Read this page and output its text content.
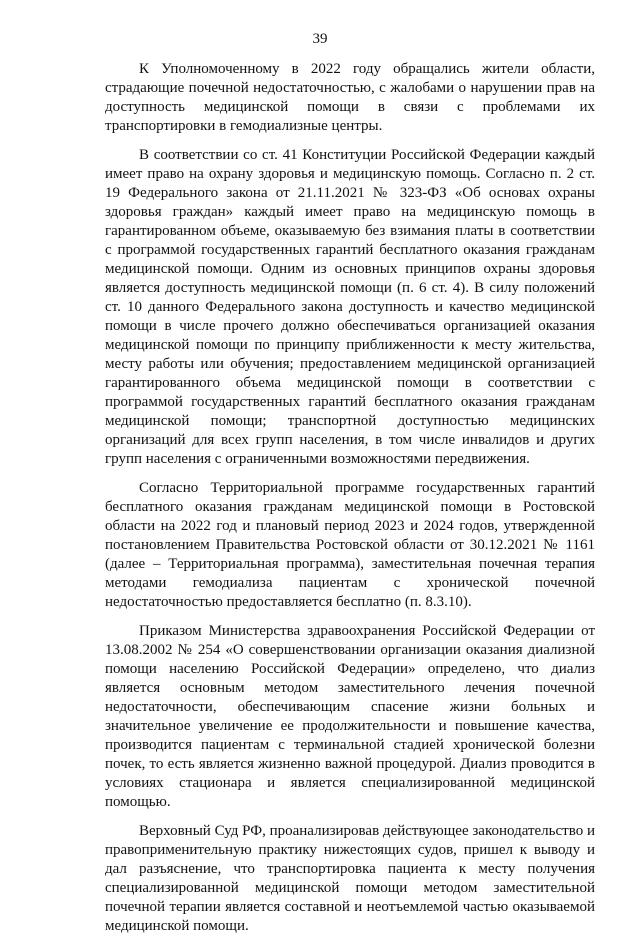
39

К Уполномоченному в 2022 году обращались жители области, страдающие почечной недостаточностью, с жалобами о нарушении прав на доступность медицинской помощи в связи с проблемами их транспортировки в гемодиализные центры.

В соответствии со ст. 41 Конституции Российской Федерации каждый имеет право на охрану здоровья и медицинскую помощь. Согласно п. 2 ст. 19 Федерального закона от 21.11.2021 № 323-ФЗ «Об основах охраны здоровья граждан» каждый имеет право на медицинскую помощь в гарантированном объеме, оказываемую без взимания платы в соответствии с программой государственных гарантий бесплатного оказания гражданам медицинской помощи. Одним из основных принципов охраны здоровья является доступность медицинской помощи (п. 6 ст. 4). В силу положений ст. 10 данного Федерального закона доступность и качество медицинской помощи в числе прочего должно обеспечиваться организацией оказания медицинской помощи по принципу приближенности к месту жительства, месту работы или обучения; предоставлением медицинской организацией гарантированного объема медицинской помощи в соответствии с программой государственных гарантий бесплатного оказания гражданам медицинской помощи; транспортной доступностью медицинских организаций для всех групп населения, в том числе инвалидов и других групп населения с ограниченными возможностями передвижения.

Согласно Территориальной программе государственных гарантий бесплатного оказания гражданам медицинской помощи в Ростовской области на 2022 год и плановый период 2023 и 2024 годов, утвержденной постановлением Правительства Ростовской области от 30.12.2021 № 1161 (далее – Территориальная программа), заместительная почечная терапия методами гемодиализа пациентам с хронической почечной недостаточностью предоставляется бесплатно (п. 8.3.10).

Приказом Министерства здравоохранения Российской Федерации от 13.08.2002 № 254 «О совершенствовании организации оказания диализной помощи населению Российской Федерации» определено, что диализ является основным методом заместительного лечения почечной недостаточности, обеспечивающим спасение жизни больных и значительное увеличение ее продолжительности и повышение качества, производится пациентам с терминальной стадией хронической болезни почек, то есть является жизненно важной процедурой. Диализ проводится в условиях стационара и является специализированной медицинской помощью.

Верховный Суд РФ, проанализировав действующее законодательство и правоприменительную практику нижестоящих судов, пришел к выводу и дал разъяснение, что транспортировка пациента к месту получения специализированной медицинской помощи методом заместительной почечной терапии является составной и неотъемлемой частью оказываемой медицинской помощи.
